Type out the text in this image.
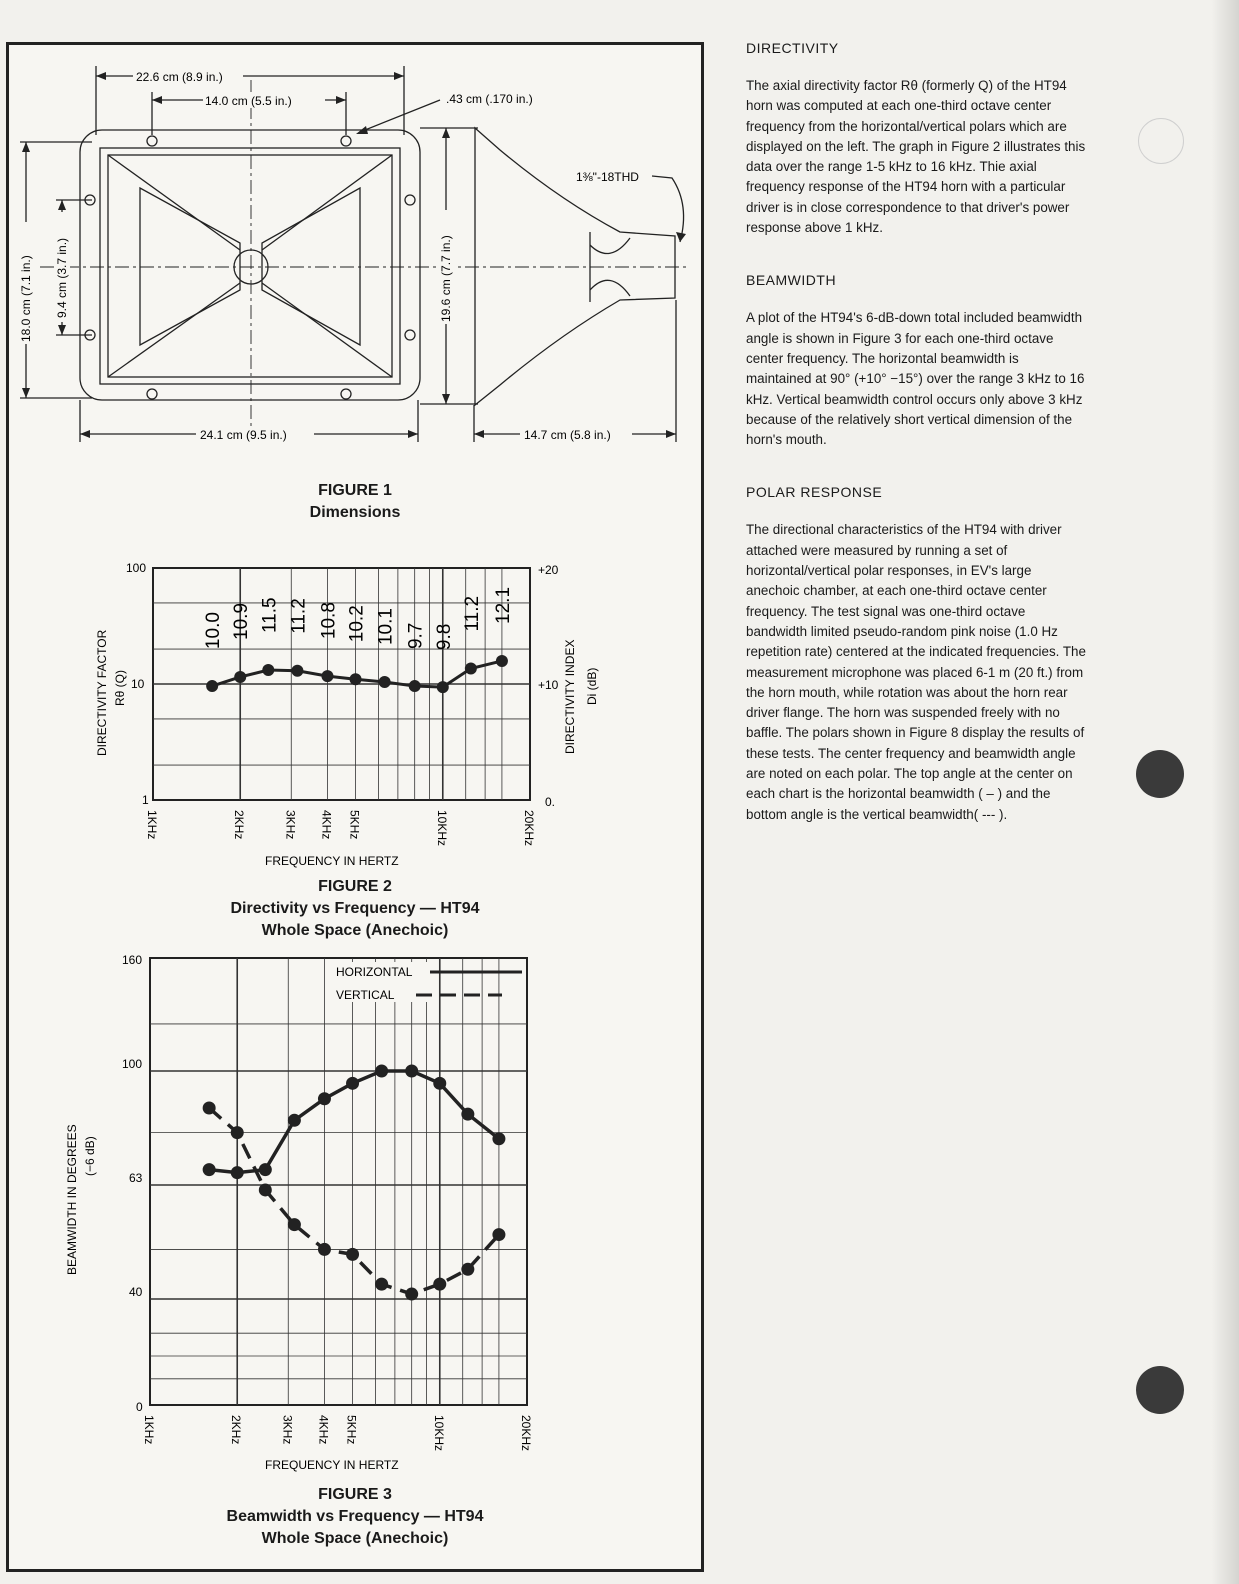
22.6 cm (8.9 in.)
14.0 cm (5.5 in.)	.43 cm (.170 in.)
18.0 cm (7.1 in.) 9.4 cm (3.7 in.)	19.6 cm (7.7 in.)
1⅜"-18THD
24.1 cm (9.5 in.)	14.7 cm (5.8 in.)
FIGURE 1
Dimensions
1KHz	2KHz	3KHz 4KHz 5KHz	10KHz	20KHz
10.0 10.9 11.5 11.2 10.8 10.2 10.1 9.7 9.8
11.2 12.1
100
10
1
+20
+10
0.
DIRECTIVITY FACTOR Rθ (Q)	DIRECTIVITY INDEX Di (dB)
FREQUENCY IN HERTZ
FIGURE 2
Directivity vs Frequency — HT94
Whole Space (Anechoic)
1KHz	2KHz	3KHz 4KHz 5KHz	10KHz	20KHz
160
100
63
40
0
BEAMWIDTH IN DEGREES (−6 dB)
HORIZONTAL
VERTICAL
FREQUENCY IN HERTZ
FIGURE 3
Beamwidth vs Frequency — HT94
Whole Space (Anechoic)
DIRECTIVITY

The axial directivity factor Rθ (formerly Q) of the HT94 horn was computed at each one-third octave center frequency from the horizontal/vertical polars which are displayed on the left. The graph in Figure 2 illustrates this data over the range 1-5 kHz to 16 kHz. Thie axial frequency response of the HT94 horn with a particular driver is in close correspondence to that driver's power response above 1 kHz.

BEAMWIDTH

A plot of the HT94's 6-dB-down total included beamwidth angle is shown in Figure 3 for each one-third octave center frequency. The horizontal beamwidth is maintained at 90° (+10° −15°) over the range 3 kHz to 16 kHz. Vertical beamwidth control occurs only above 3 kHz because of the relatively short vertical dimension of the horn's mouth.

POLAR RESPONSE

The directional characteristics of the HT94 with driver attached were measured by running a set of horizontal/vertical polar responses, in EV's large anechoic chamber, at each one-third octave center frequency. The test signal was one-third octave bandwidth limited pseudo-random pink noise (1.0 Hz repetition rate) centered at the indicated frequencies. The measurement microphone was placed 6-1 m (20 ft.) from the horn mouth, while rotation was about the horn rear driver flange. The horn was suspended freely with no baffle. The polars shown in Figure 8 display the results of these tests. The center frequency and beamwidth angle are noted on each polar. The top angle at the center on each chart is the horizontal beamwidth ( – ) and the bottom angle is the vertical beamwidth( --- ).
